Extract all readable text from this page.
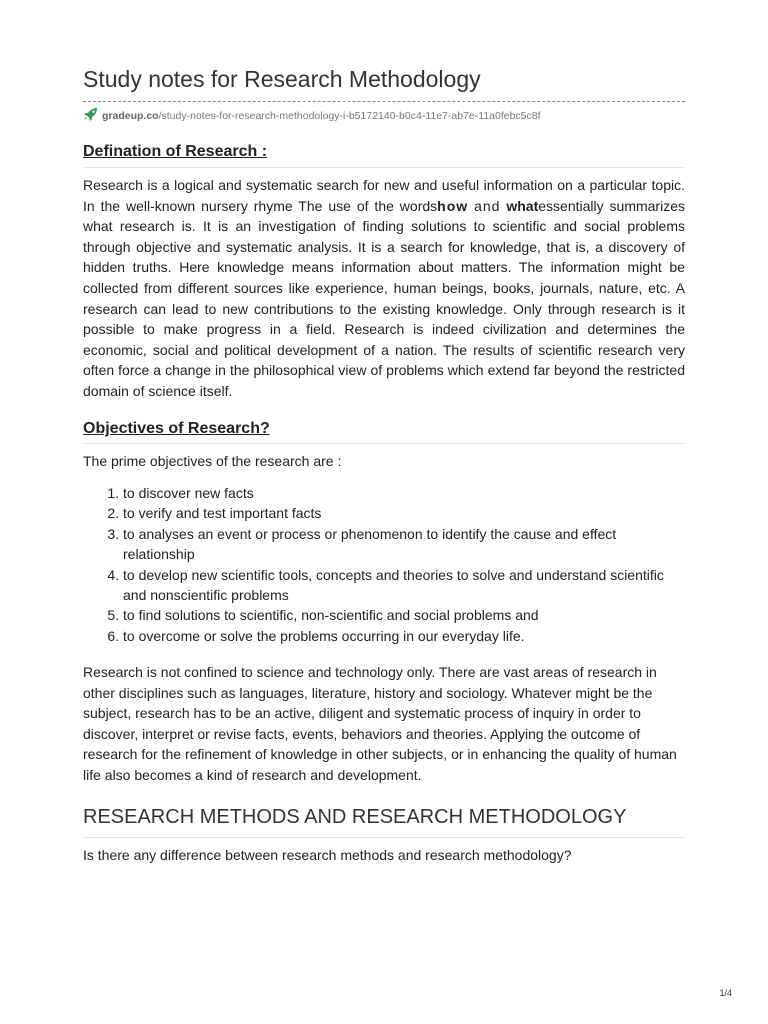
Study notes for Research Methodology
gradeup.co /study-notes-for-research-methodology-i-b5172140-b0c4-11e7-ab7e-11a0febc5c8f
Defination of Research :

Research is a logical and systematic search for new and useful information on a particular topic. In the well-known nursery rhyme The use of the wordshow and whatessentially summarizes what research is. It is an investigation of finding solutions to scientific and social problems through objective and systematic analysis. It is a search for knowledge, that is, a discovery of hidden truths. Here knowledge means information about matters. The information might be collected from different sources like experience, human beings, books, journals, nature, etc. A research can lead to new contributions to the existing knowledge. Only through research is it possible to make progress in a field. Research is indeed civilization and determines the economic, social and political development of a nation. The results of scientific research very often force a change in the philosophical view of problems which extend far beyond the restricted domain of science itself.

Objectives of Research?

The prime objectives of the research are :

1. to discover new facts
2. to verify and test important facts
3. to analyses an event or process or phenomenon to identify the cause and effect relationship
4. to develop new scientific tools, concepts and theories to solve and understand scientific and nonscientific problems
5. to find solutions to scientific, non-scientific and social problems and
6. to overcome or solve the problems occurring in our everyday life.

Research is not confined to science and technology only. There are vast areas of research in other disciplines such as languages, literature, history and sociology. Whatever might be the subject, research has to be an active, diligent and systematic process of inquiry in order to discover, interpret or revise facts, events, behaviors and theories. Applying the outcome of research for the refinement of knowledge in other subjects, or in enhancing the quality of human life also becomes a kind of research and development.

RESEARCH METHODS AND RESEARCH METHODOLOGY

Is there any difference between research methods and research methodology?

1/4
